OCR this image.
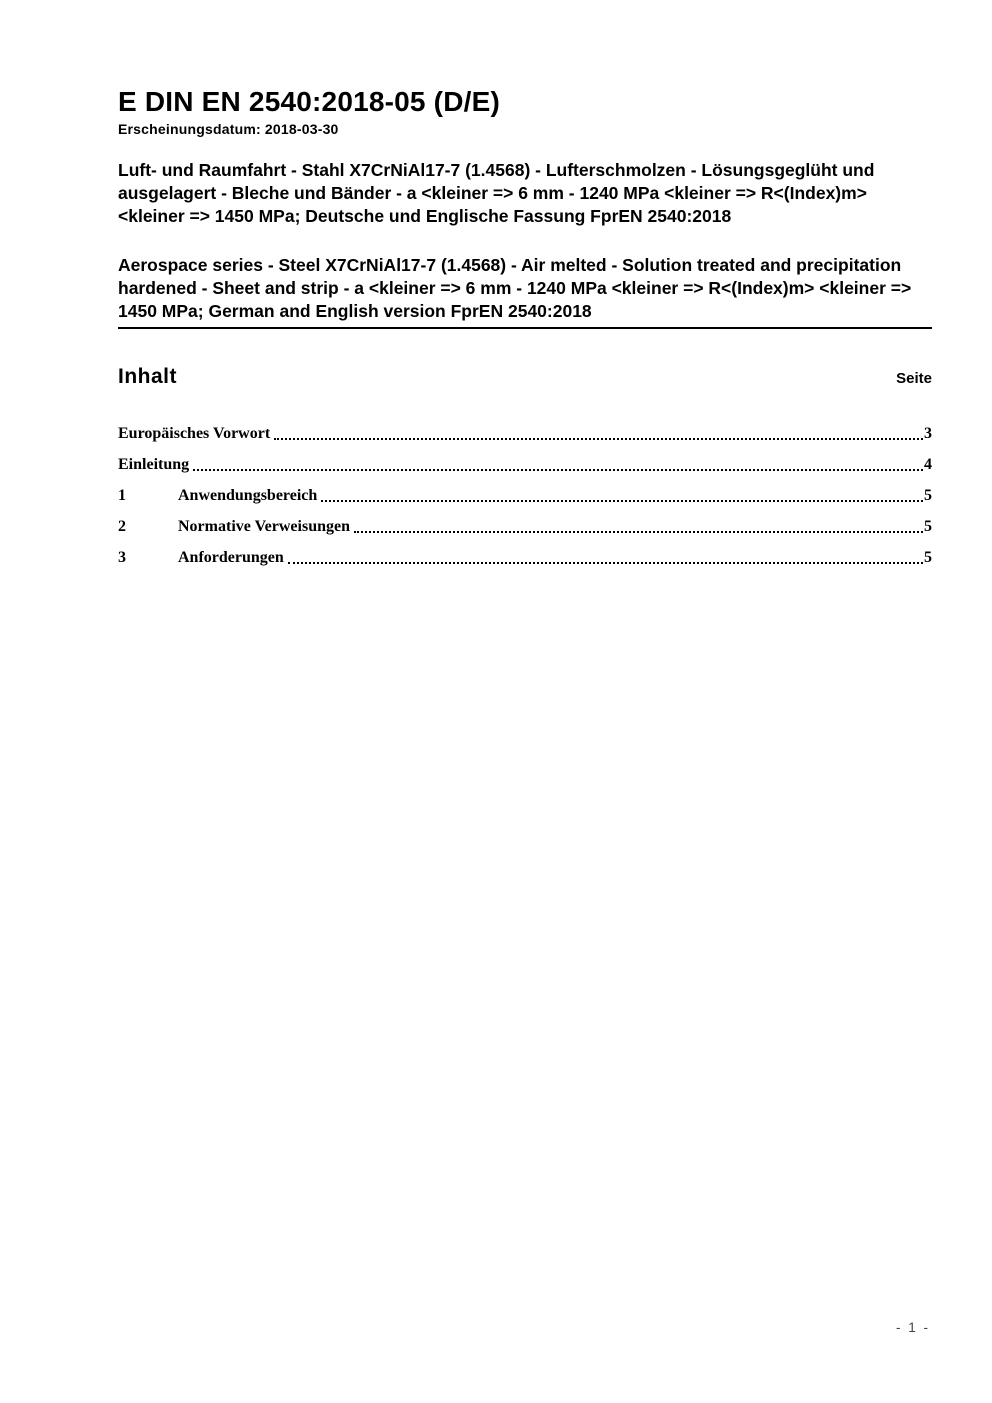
E DIN EN 2540:2018-05 (D/E)
Erscheinungsdatum: 2018-03-30
Luft- und Raumfahrt - Stahl X7CrNiAl17-7 (1.4568) - Lufterschmolzen - Lösungsgeglüht und ausgelagert - Bleche und Bänder - a <kleiner => 6 mm - 1240 MPa <kleiner => R<(Index)m> <kleiner => 1450 MPa; Deutsche und Englische Fassung FprEN 2540:2018
Aerospace series - Steel X7CrNiAl17-7 (1.4568) - Air melted - Solution treated and precipitation hardened - Sheet and strip - a <kleiner => 6 mm - 1240 MPa <kleiner => R<(Index)m> <kleiner => 1450 MPa; German and English version FprEN 2540:2018
Inhalt	Seite
Europäisches Vorwort	3
Einleitung	4
1	Anwendungsbereich	5
2	Normative Verweisungen	5
3	Anforderungen	5
- 1 -
